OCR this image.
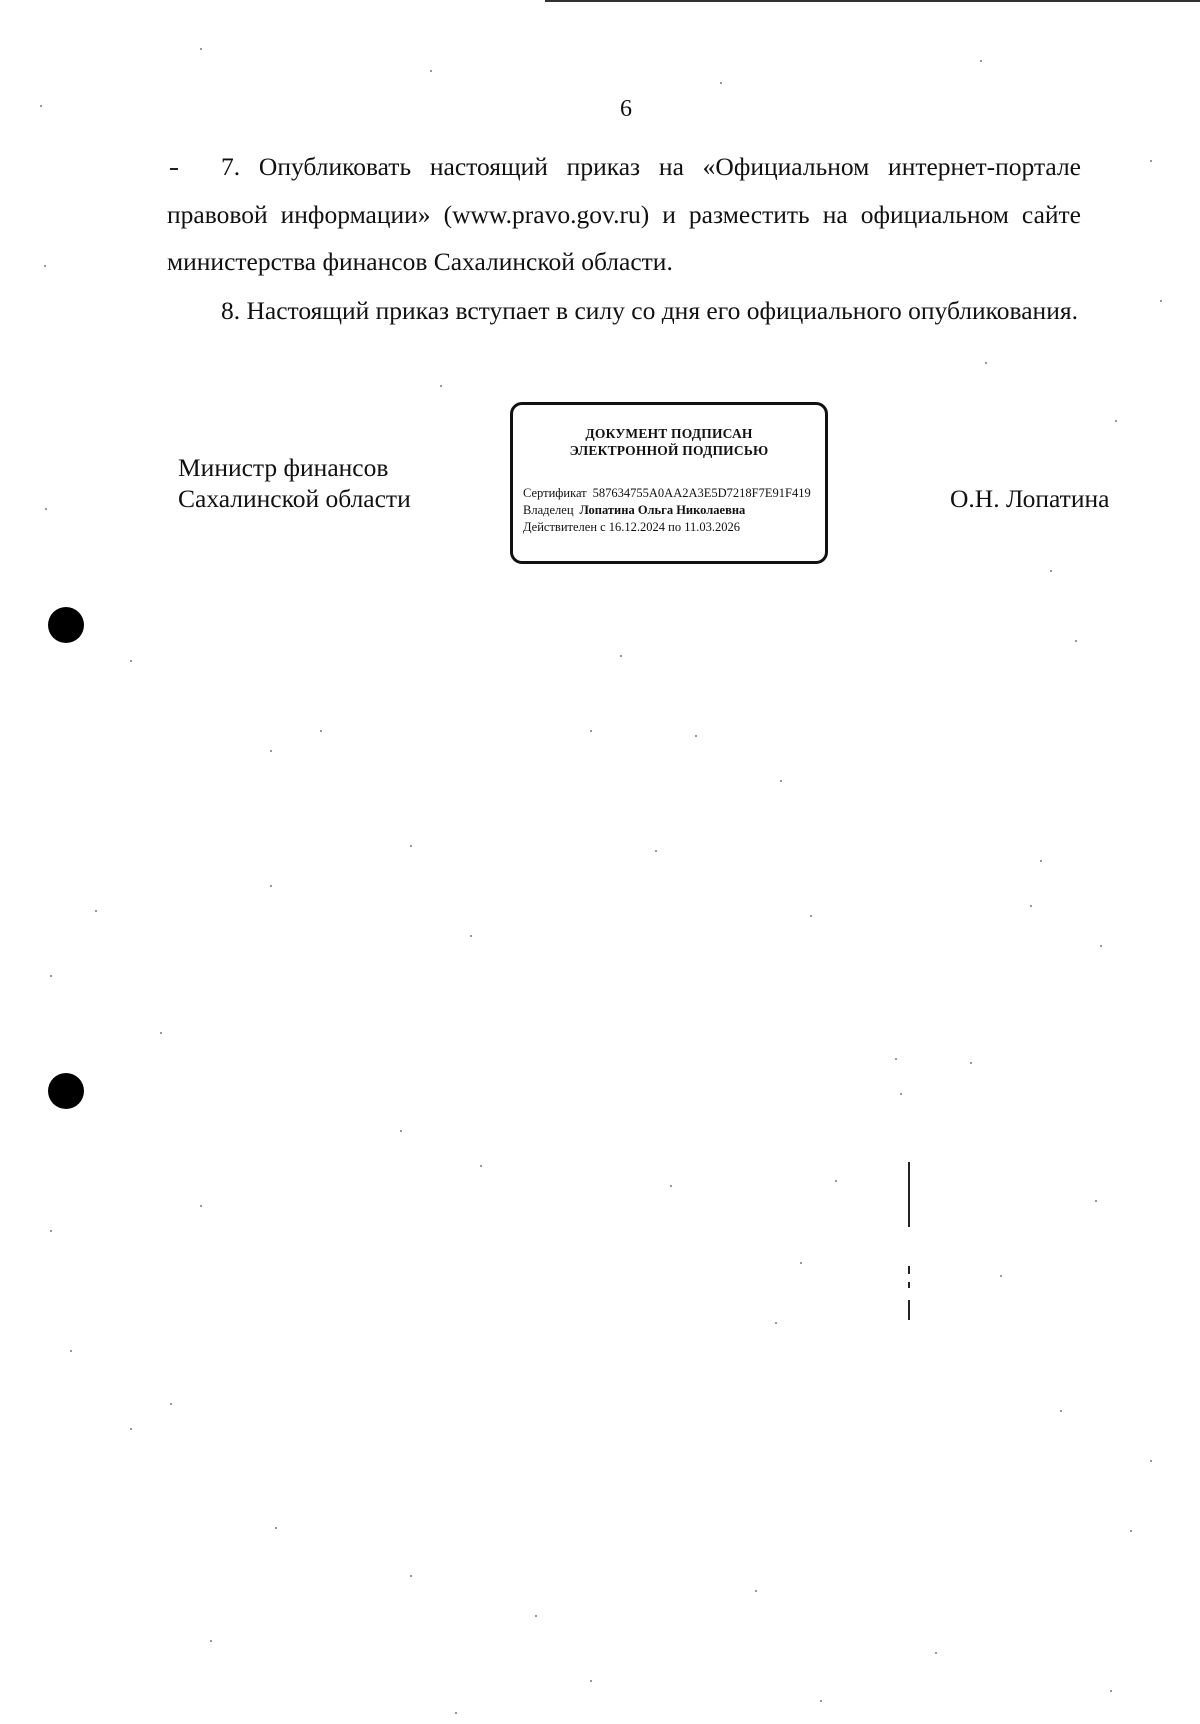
6

7. Опубликовать настоящий приказ на «Официальном интернет-портале правовой информации» (www.pravo.gov.ru) и разместить на официальном сайте министерства финансов Сахалинской области.

8. Настоящий приказ вступает в силу со дня его официального опубликования.

Министр финансов
Сахалинской области
ДОКУМЕНТ ПОДПИСАН
ЭЛЕКТРОННОЙ ПОДПИСЬЮ
Сертификат 587634755A0AA2A3E5D7218F7E91F419
Владелец Лопатина Ольга Николаевна
Действителен с 16.12.2024 по 11.03.2026
О.Н. Лопатина
